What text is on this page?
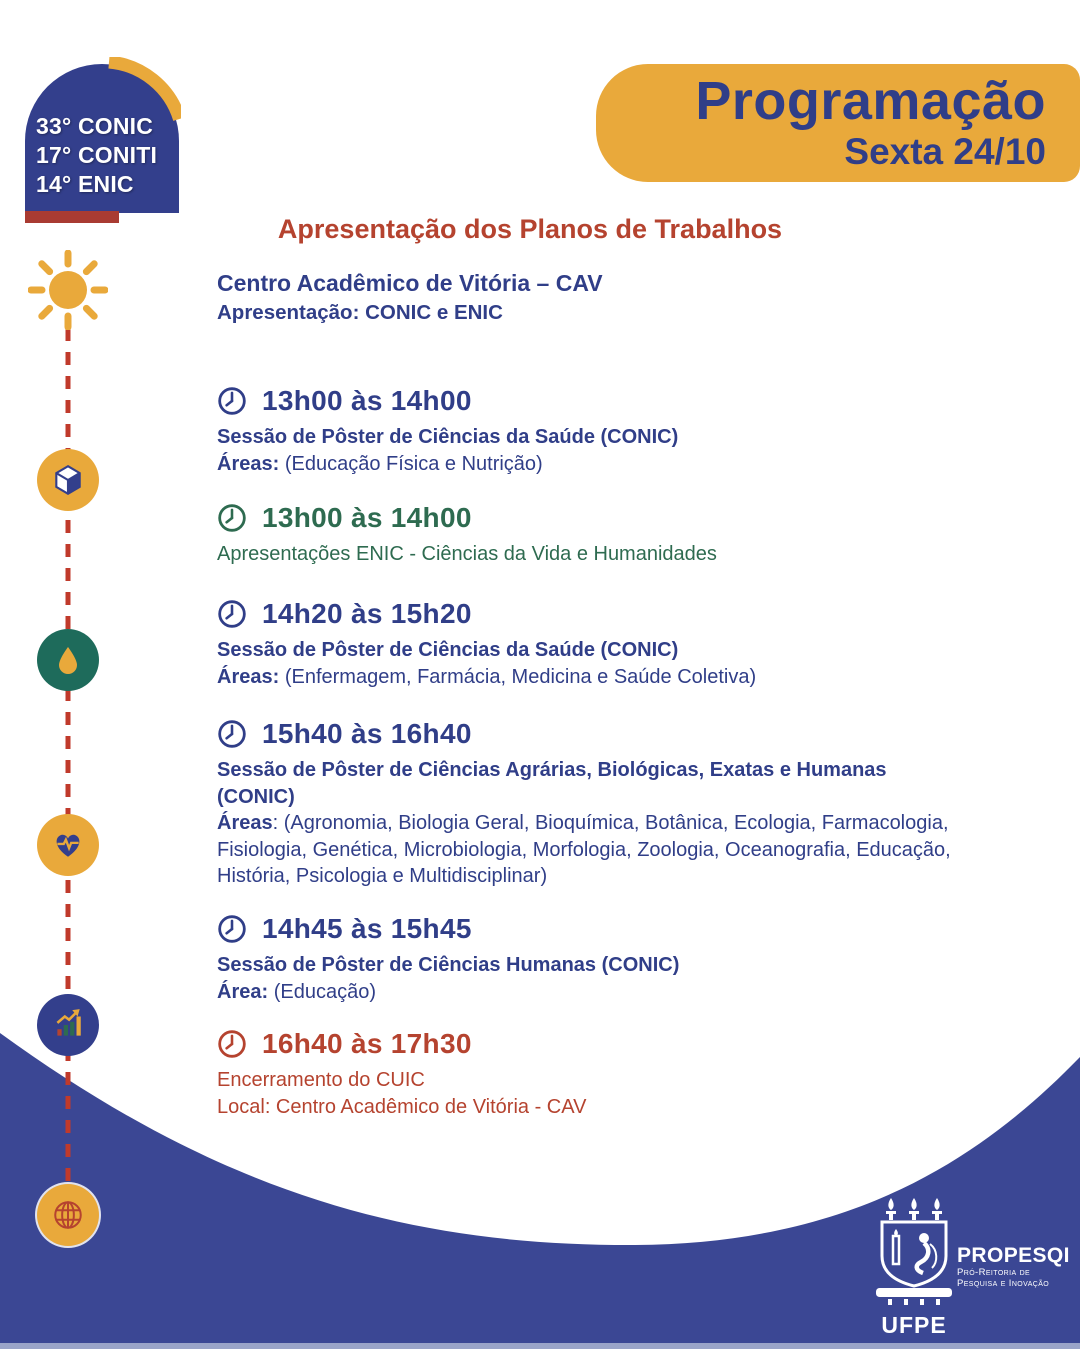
33° CONIC
17° CONITI
14° ENIC
Programação
Sexta 24/10
Apresentação dos Planos de Trabalhos
Centro Acadêmico de Vitória – CAV
Apresentação: CONIC e ENIC
13h00 às 14h00
Sessão de Pôster de Ciências da Saúde (CONIC)
Áreas: (Educação Física e Nutrição)
13h00 às 14h00
Apresentações ENIC - Ciências da Vida e Humanidades
14h20 às 15h20
Sessão de Pôster de Ciências da Saúde (CONIC)
Áreas: (Enfermagem, Farmácia, Medicina e Saúde Coletiva)
15h40 às 16h40
Sessão de Pôster de Ciências Agrárias, Biológicas, Exatas e Humanas (CONIC)
Áreas: (Agronomia, Biologia Geral, Bioquímica, Botânica, Ecologia, Farmacologia, Fisiologia, Genética, Microbiologia, Morfologia, Zoologia, Oceanografia, Educação, História, Psicologia e Multidisciplinar)
14h45 às 15h45
Sessão de Pôster de Ciências Humanas (CONIC)
Área: (Educação)
16h40 às 17h30
Encerramento do CUIC
Local: Centro Acadêmico de Vitória - CAV
UFPE
PROPESQI
Pró-Reitoria de
Pesquisa e Inovação
